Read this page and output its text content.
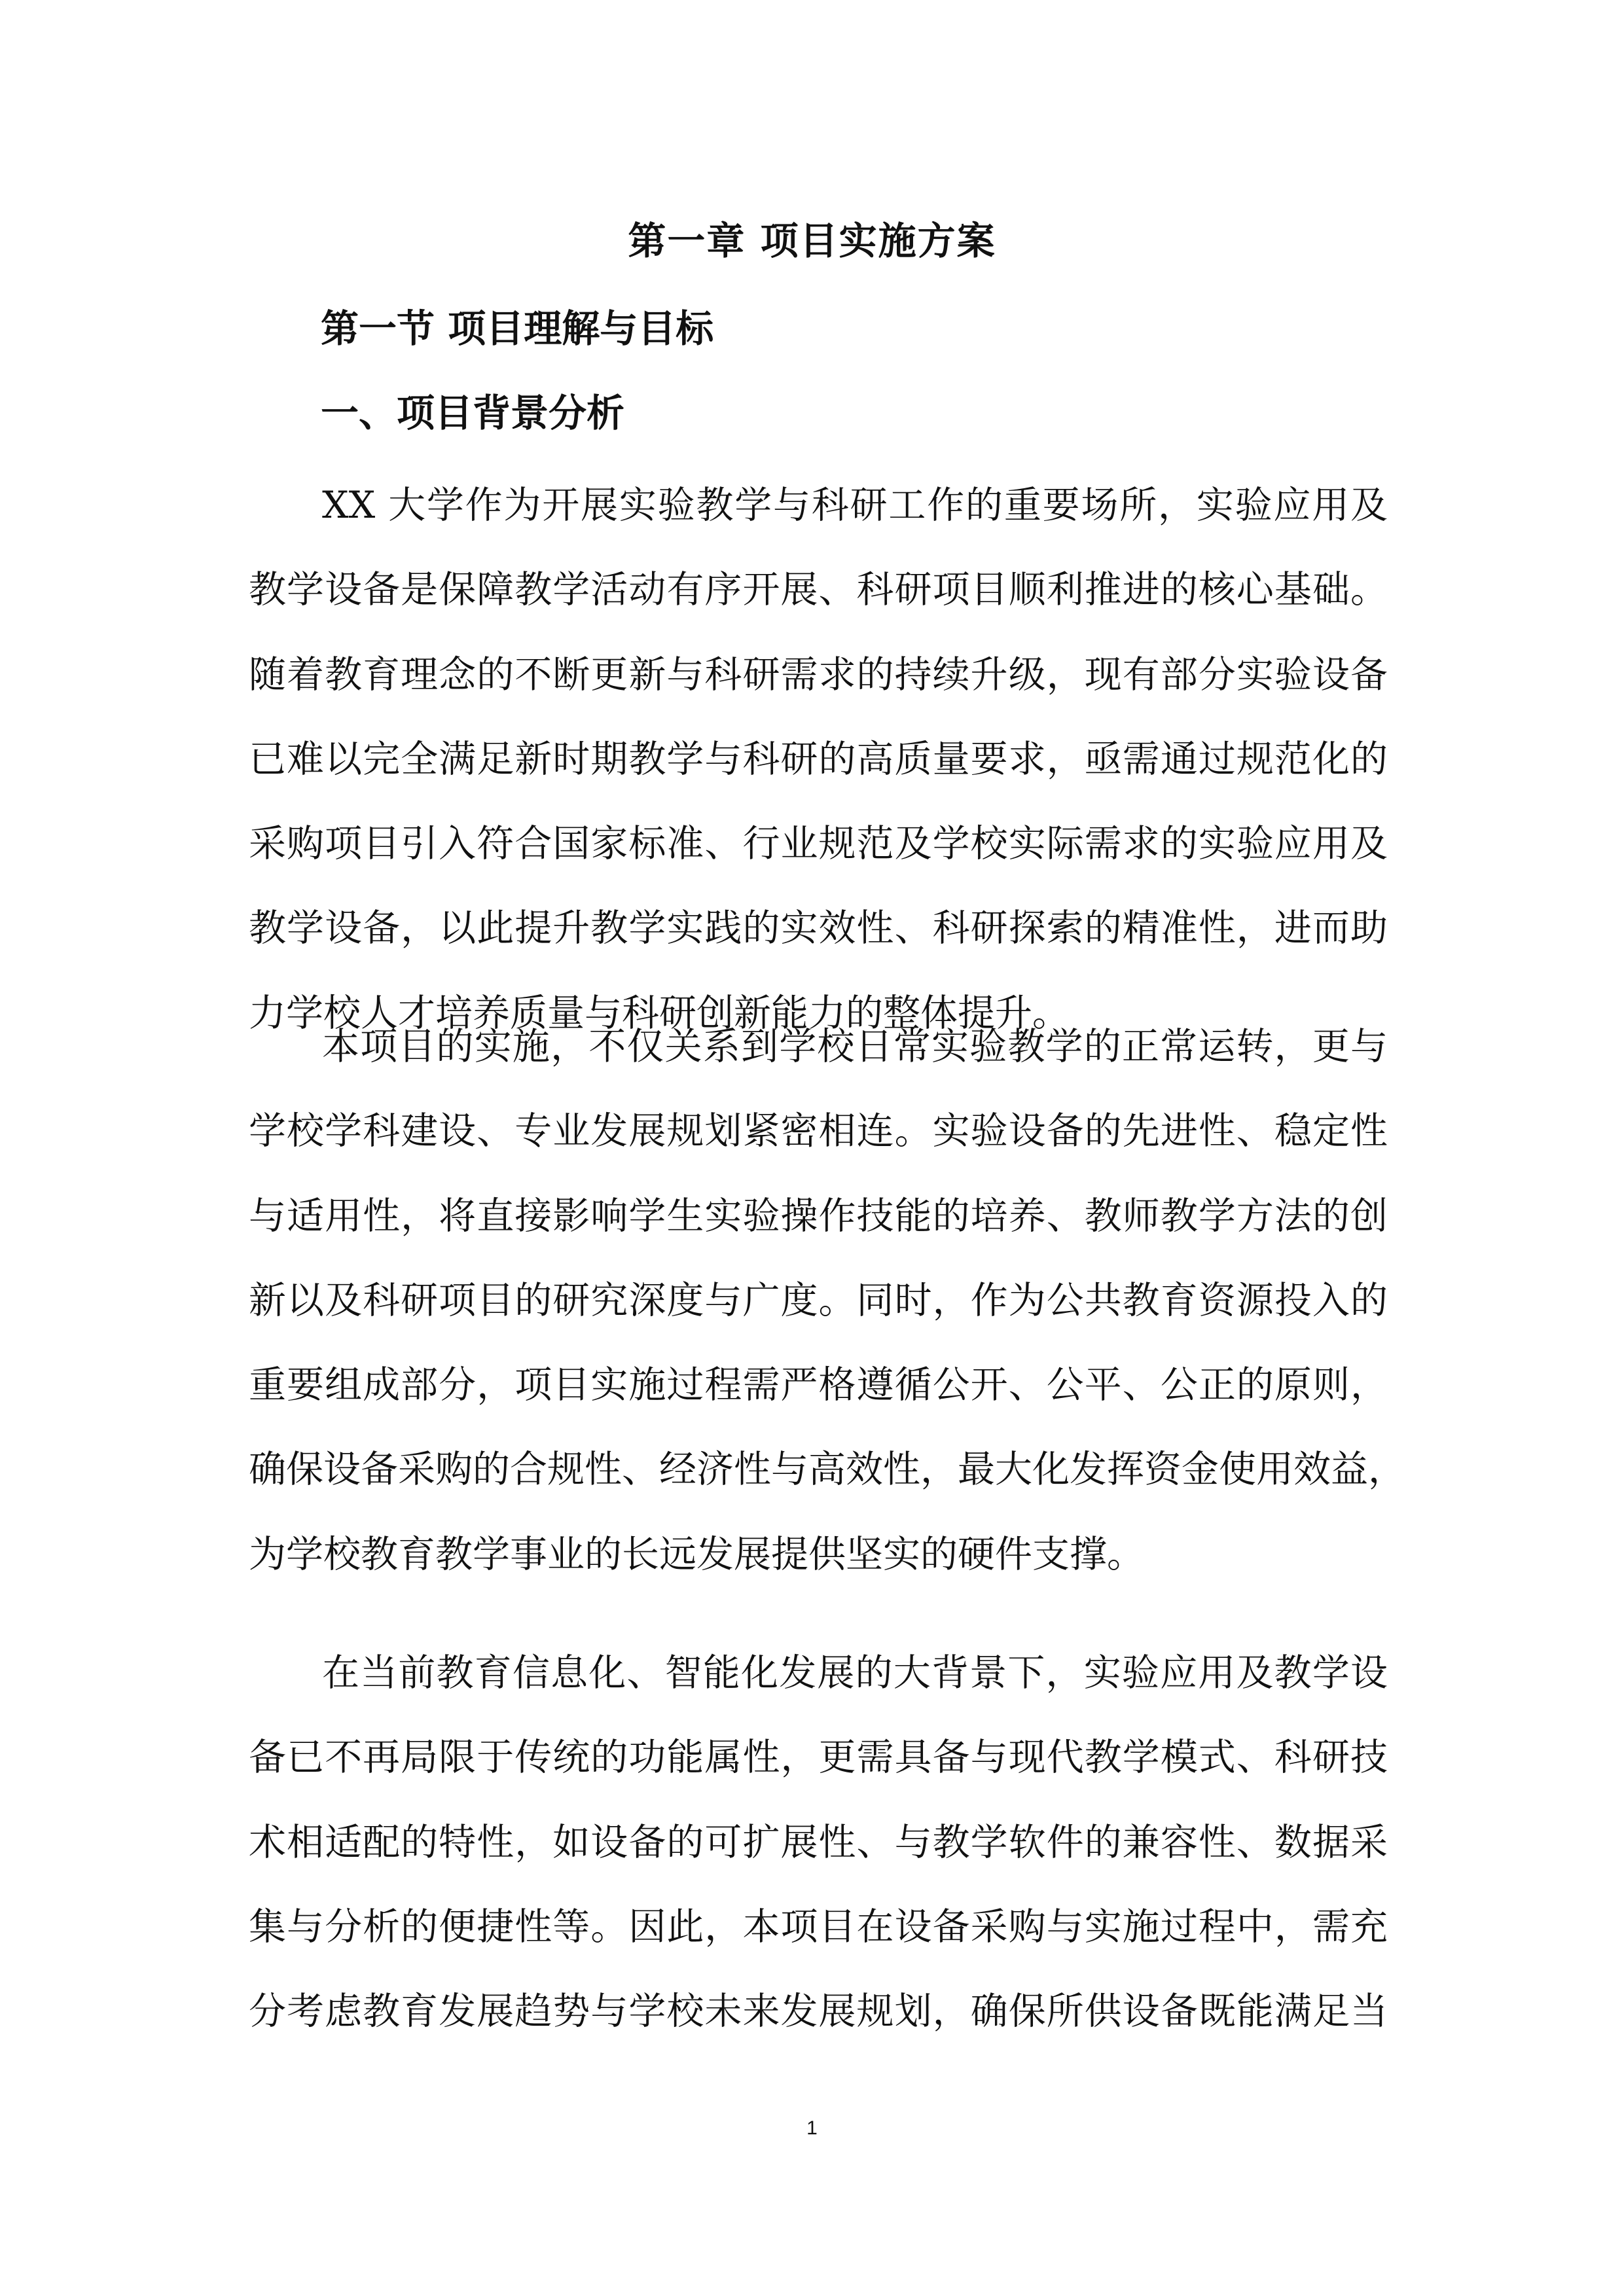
第一章 项目实施方案
第一节 项目理解与目标
一、项目背景分析
XX 大学作为开展实验教学与科研工作的重要场所，实验应用及
教学设备是保障教学活动有序开展、科研项目顺利推进的核心基础。
随着教育理念的不断更新与科研需求的持续升级，现有部分实验设备
已难以完全满足新时期教学与科研的高质量要求，亟需通过规范化的
采购项目引入符合国家标准、行业规范及学校实际需求的实验应用及
教学设备，以此提升教学实践的实效性、科研探索的精准性，进而助
力学校人才培养质量与科研创新能力的整体提升。
本项目的实施，不仅关系到学校日常实验教学的正常运转，更与
学校学科建设、专业发展规划紧密相连。实验设备的先进性、稳定性
与适用性，将直接影响学生实验操作技能的培养、教师教学方法的创
新以及科研项目的研究深度与广度。同时，作为公共教育资源投入的
重要组成部分，项目实施过程需严格遵循公开、公平、公正的原则，
确保设备采购的合规性、经济性与高效性，最大化发挥资金使用效益，
为学校教育教学事业的长远发展提供坚实的硬件支撑。
在当前教育信息化、智能化发展的大背景下，实验应用及教学设
备已不再局限于传统的功能属性，更需具备与现代教学模式、科研技
术相适配的特性，如设备的可扩展性、与教学软件的兼容性、数据采
集与分析的便捷性等。因此，本项目在设备采购与实施过程中，需充
分考虑教育发展趋势与学校未来发展规划，确保所供设备既能满足当
1
